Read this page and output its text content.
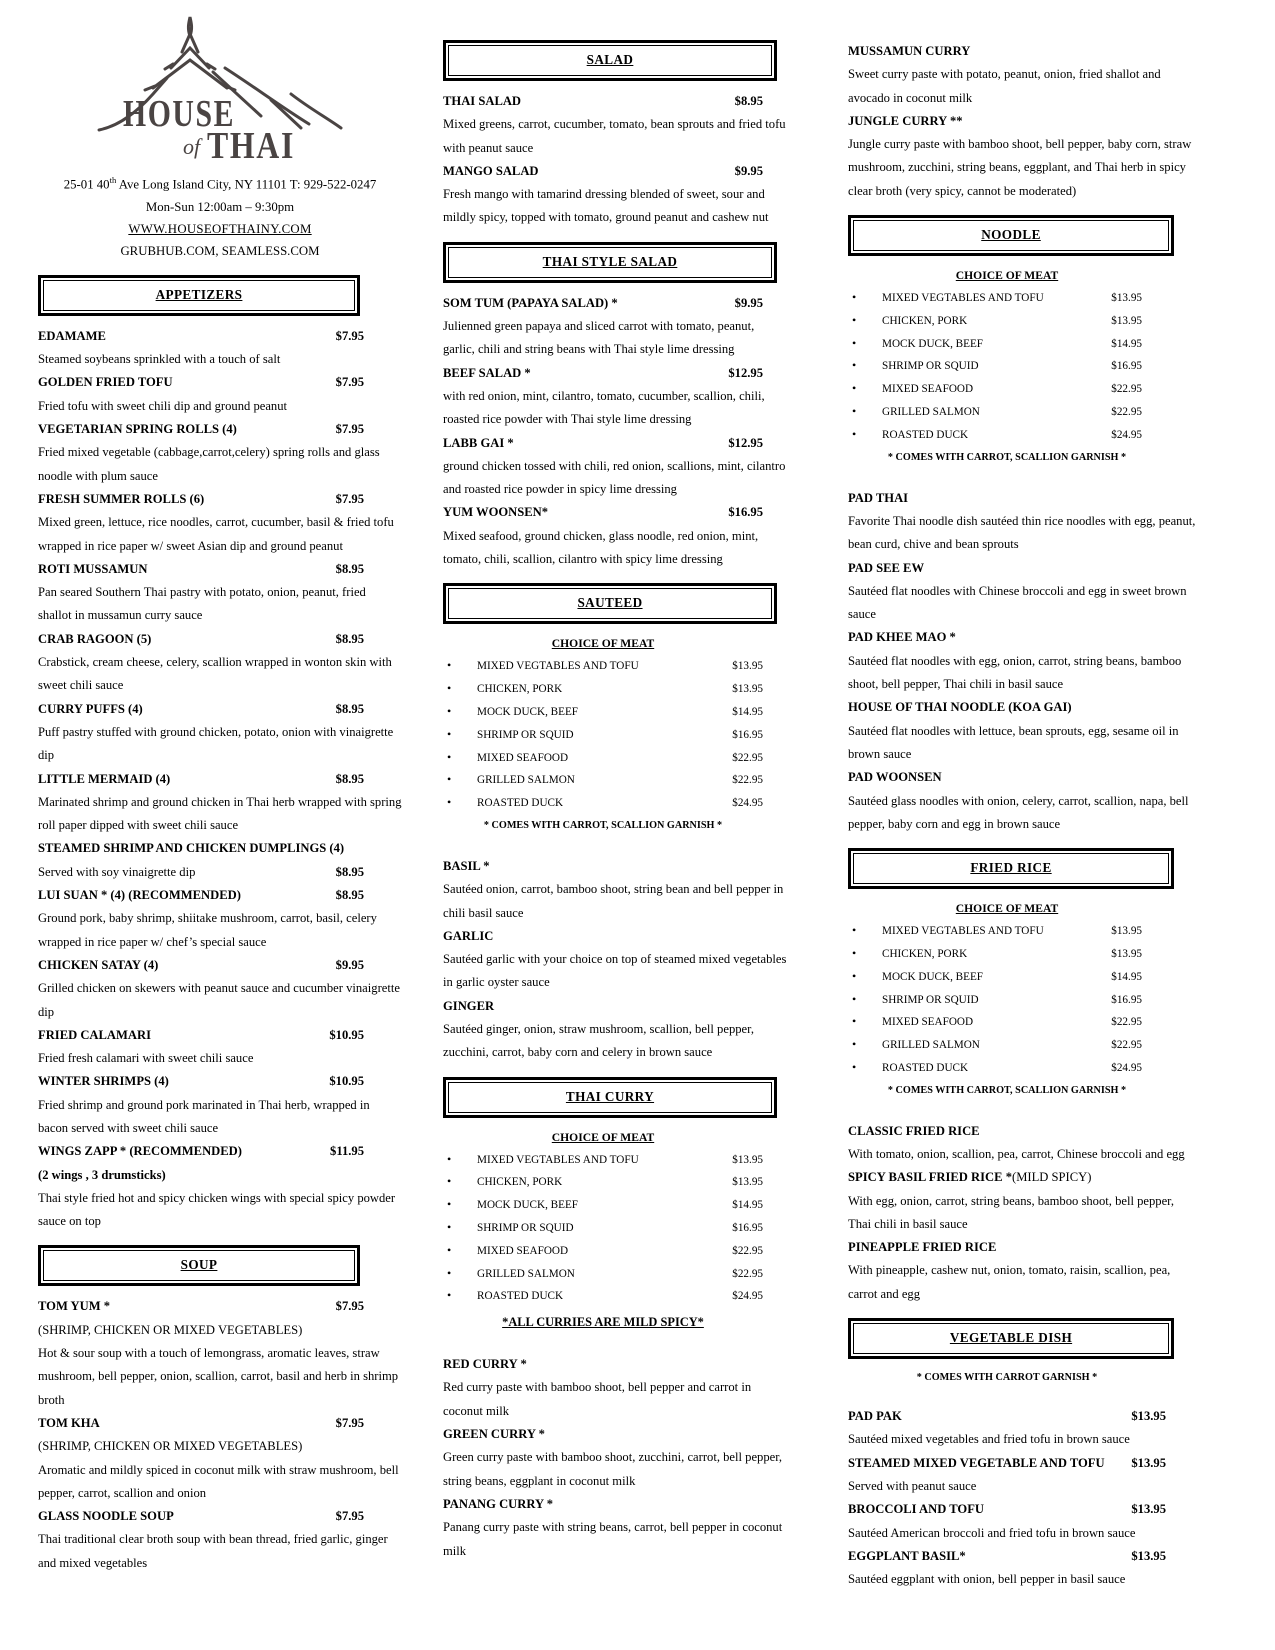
HOUSE
of THAI
25-01 40th Ave Long Island City, NY 11101 T: 929-522-0247
Mon-Sun 12:00am – 9:30pm
WWW.HOUSEOFTHAINY.COM
GRUBHUB.COM, SEAMLESS.COM
APPETIZERS
EDAMAME	$7.95
Steamed soybeans sprinkled with a touch of salt
GOLDEN FRIED TOFU	$7.95
Fried tofu with sweet chili dip and ground peanut
VEGETARIAN SPRING ROLLS (4)	$7.95
Fried mixed vegetable (cabbage,carrot,celery) spring rolls and glass noodle with plum sauce
FRESH SUMMER ROLLS (6)	$7.95
Mixed green, lettuce, rice noodles, carrot, cucumber, basil & fried tofu wrapped in rice paper w/ sweet Asian dip and ground peanut
ROTI MUSSAMUN	$8.95
Pan seared Southern Thai pastry with potato, onion, peanut, fried shallot in mussamun curry sauce
CRAB RAGOON (5)	$8.95
Crabstick, cream cheese, celery, scallion wrapped in wonton skin with sweet chili sauce
CURRY PUFFS (4)	$8.95
Puff pastry stuffed with ground chicken, potato, onion with vinaigrette dip
LITTLE MERMAID (4)	$8.95
Marinated shrimp and ground chicken in Thai herb wrapped with spring roll paper dipped with sweet chili sauce
STEAMED SHRIMP AND CHICKEN DUMPLINGS (4)
Served with soy vinaigrette dip	$8.95
LUI SUAN * (4) (RECOMMENDED)	$8.95
Ground pork, baby shrimp, shiitake mushroom, carrot, basil, celery wrapped in rice paper w/ chef’s special sauce
CHICKEN SATAY (4)	$9.95
Grilled chicken on skewers with peanut sauce and cucumber vinaigrette dip
FRIED CALAMARI	$10.95
Fried fresh calamari with sweet chili sauce
WINTER SHRIMPS (4)	$10.95
Fried shrimp and ground pork marinated in Thai herb, wrapped in bacon served with sweet chili sauce
WINGS ZAPP * (RECOMMENDED)	$11.95
(2 wings , 3 drumsticks)
Thai style fried hot and spicy chicken wings with special spicy powder sauce on top
SOUP
TOM YUM *	$7.95
(SHRIMP, CHICKEN OR MIXED VEGETABLES)
Hot & sour soup with a touch of lemongrass, aromatic leaves, straw mushroom, bell pepper, onion, scallion, carrot, basil and herb in shrimp broth
TOM KHA	$7.95
(SHRIMP, CHICKEN OR MIXED VEGETABLES)
Aromatic and mildly spiced in coconut milk with straw mushroom, bell pepper, carrot, scallion and onion
GLASS NOODLE SOUP	$7.95
Thai traditional clear broth soup with bean thread, fried garlic, ginger and mixed vegetables
SALAD
THAI SALAD	$8.95
Mixed greens, carrot, cucumber, tomato, bean sprouts and fried tofu with peanut sauce
MANGO SALAD	$9.95
Fresh mango with tamarind dressing blended of sweet, sour and mildly spicy, topped with tomato, ground peanut and cashew nut
THAI STYLE SALAD
SOM TUM (PAPAYA SALAD) *	$9.95
Julienned green papaya and sliced carrot with tomato, peanut, garlic, chili and string beans with Thai style lime dressing
BEEF SALAD *	$12.95
with red onion, mint, cilantro, tomato, cucumber, scallion, chili, roasted rice powder with Thai style lime dressing
LABB GAI *	$12.95
ground chicken tossed with chili, red onion, scallions, mint, cilantro and roasted rice powder in spicy lime dressing
YUM WOONSEN*	$16.95
Mixed seafood, ground chicken, glass noodle, red onion, mint, tomato, chili, scallion, cilantro with spicy lime dressing
SAUTEED
CHOICE OF MEAT
•	MIXED VEGTABLES AND TOFU	$13.95
•	CHICKEN, PORK	$13.95
•	MOCK DUCK, BEEF	$14.95
•	SHRIMP OR SQUID	$16.95
•	MIXED SEAFOOD	$22.95
•	GRILLED SALMON	$22.95
•	ROASTED DUCK	$24.95
* COMES WITH CARROT, SCALLION GARNISH *
BASIL *
Sautéed onion, carrot, bamboo shoot, string bean and bell pepper in chili basil sauce
GARLIC
Sautéed garlic with your choice on top of steamed mixed vegetables in garlic oyster sauce
GINGER
Sautéed ginger, onion, straw mushroom, scallion, bell pepper, zucchini, carrot, baby corn and celery in brown sauce
THAI CURRY
CHOICE OF MEAT
•	MIXED VEGTABLES AND TOFU	$13.95
•	CHICKEN, PORK	$13.95
•	MOCK DUCK, BEEF	$14.95
•	SHRIMP OR SQUID	$16.95
•	MIXED SEAFOOD	$22.95
•	GRILLED SALMON	$22.95
•	ROASTED DUCK	$24.95
*ALL CURRIES ARE MILD SPICY*
RED CURRY *
Red curry paste with bamboo shoot, bell pepper and carrot in coconut milk
GREEN CURRY *
Green curry paste with bamboo shoot, zucchini, carrot, bell pepper, string beans, eggplant in coconut milk
PANANG CURRY *
Panang curry paste with string beans, carrot, bell pepper in coconut milk
MUSSAMUN CURRY
Sweet curry paste with potato, peanut, onion, fried shallot and avocado in coconut milk
JUNGLE CURRY **
Jungle curry paste with bamboo shoot, bell pepper, baby corn, straw mushroom, zucchini, string beans, eggplant, and Thai herb in spicy clear broth (very spicy, cannot be moderated)
NOODLE
CHOICE OF MEAT
•	MIXED VEGTABLES AND TOFU	$13.95
•	CHICKEN, PORK	$13.95
•	MOCK DUCK, BEEF	$14.95
•	SHRIMP OR SQUID	$16.95
•	MIXED SEAFOOD	$22.95
•	GRILLED SALMON	$22.95
•	ROASTED DUCK	$24.95
* COMES WITH CARROT, SCALLION GARNISH *
PAD THAI
Favorite Thai noodle dish sautéed thin rice noodles with egg, peanut, bean curd, chive and bean sprouts
PAD SEE EW
Sautéed flat noodles with Chinese broccoli and egg in sweet brown sauce
PAD KHEE MAO *
Sautéed flat noodles with egg, onion, carrot, string beans, bamboo shoot, bell pepper, Thai chili in basil sauce
HOUSE OF THAI NOODLE (KOA GAI)
Sautéed flat noodles with lettuce, bean sprouts, egg, sesame oil in brown sauce
PAD WOONSEN
Sautéed glass noodles with onion, celery, carrot, scallion, napa, bell pepper, baby corn and egg in brown sauce
FRIED RICE
CHOICE OF MEAT
•	MIXED VEGTABLES AND TOFU	$13.95
•	CHICKEN, PORK	$13.95
•	MOCK DUCK, BEEF	$14.95
•	SHRIMP OR SQUID	$16.95
•	MIXED SEAFOOD	$22.95
•	GRILLED SALMON	$22.95
•	ROASTED DUCK	$24.95
* COMES WITH CARROT, SCALLION GARNISH *
CLASSIC FRIED RICE
With tomato, onion, scallion, pea, carrot, Chinese broccoli and egg
SPICY BASIL FRIED RICE *(MILD SPICY)
With egg, onion, carrot, string beans, bamboo shoot, bell pepper, Thai chili in basil sauce
PINEAPPLE FRIED RICE
With pineapple, cashew nut, onion, tomato, raisin, scallion, pea, carrot and egg
VEGETABLE DISH
* COMES WITH CARROT GARNISH *
PAD PAK	$13.95
Sautéed mixed vegetables and fried tofu in brown sauce
STEAMED MIXED VEGETABLE AND TOFU $13.95
Served with peanut sauce
BROCCOLI AND TOFU	$13.95
Sautéed American broccoli and fried tofu in brown sauce
EGGPLANT BASIL*	$13.95
Sautéed eggplant with onion, bell pepper in basil sauce
